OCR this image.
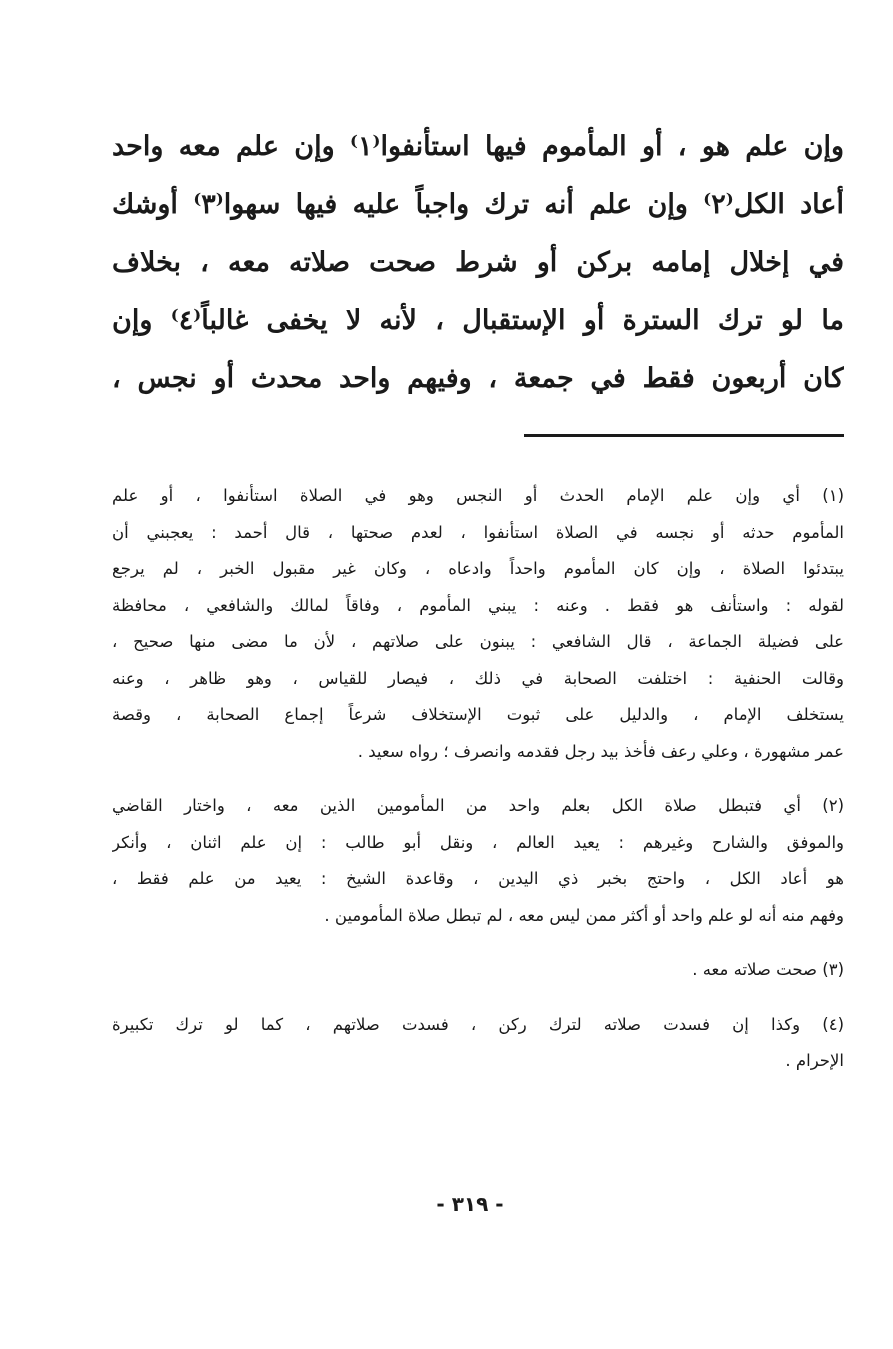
وإن علم هو ، أو المأموم فيها استأنفوا⁽١⁾ وإن علم معه واحد
أعاد الكل⁽٢⁾ وإن علم أنه ترك واجباً عليه فيها سهوا⁽٣⁾ أوشك
في إخلال إمامه بركن أو شرط صحت صلاته معه ، بخلاف
ما لو ترك السترة أو الإستقبال ، لأنه لا يخفى غالباً⁽٤⁾ وإن
كان أربعون فقط في جمعة ، وفيهم واحد محدث أو نجس ،
(١) أي وإن علم الإمام الحدث أو النجس وهو في الصلاة استأنفوا ، أو علم
المأموم حدثه أو نجسه في الصلاة استأنفوا ، لعدم صحتها ، قال أحمد : يعجبني أن
يبتدئوا الصلاة ، وإن كان المأموم واحداً وادعاه ، وكان غير مقبول الخبر ، لم يرجع
لقوله : واستأنف هو فقط . وعنه : يبني المأموم ، وفاقاً لمالك والشافعي ، محافظة
على فضيلة الجماعة ، قال الشافعي : يبنون على صلاتهم ، لأن ما مضى منها صحيح ،
وقالت الحنفية : اختلفت الصحابة في ذلك ، فيصار للقياس ، وهو ظاهر ، وعنه
يستخلف الإمام ، والدليل على ثبوت الإستخلاف شرعاً إجماع الصحابة ، وقصة
عمر مشهورة ، وعلي رعف فأخذ بيد رجل فقدمه وانصرف ؛ رواه سعيد .
(٢) أي فتبطل صلاة الكل بعلم واحد من المأمومين الذين معه ، واختار القاضي
والموفق والشارح وغيرهم : يعيد العالم ، ونقل أبو طالب : إن علم اثنان ، وأنكر
هو أعاد الكل ، واحتج بخبر ذي اليدين ، وقاعدة الشيخ : يعيد من علم فقط ،
وفهم منه أنه لو علم واحد أو أكثر ممن ليس معه ، لم تبطل صلاة المأمومين .
(٣) صحت صلاته معه .
(٤) وكذا إن فسدت صلاته لترك ركن ، فسدت صلاتهم ، كما لو ترك تكبيرة
الإحرام .
- ٣١٩ -
